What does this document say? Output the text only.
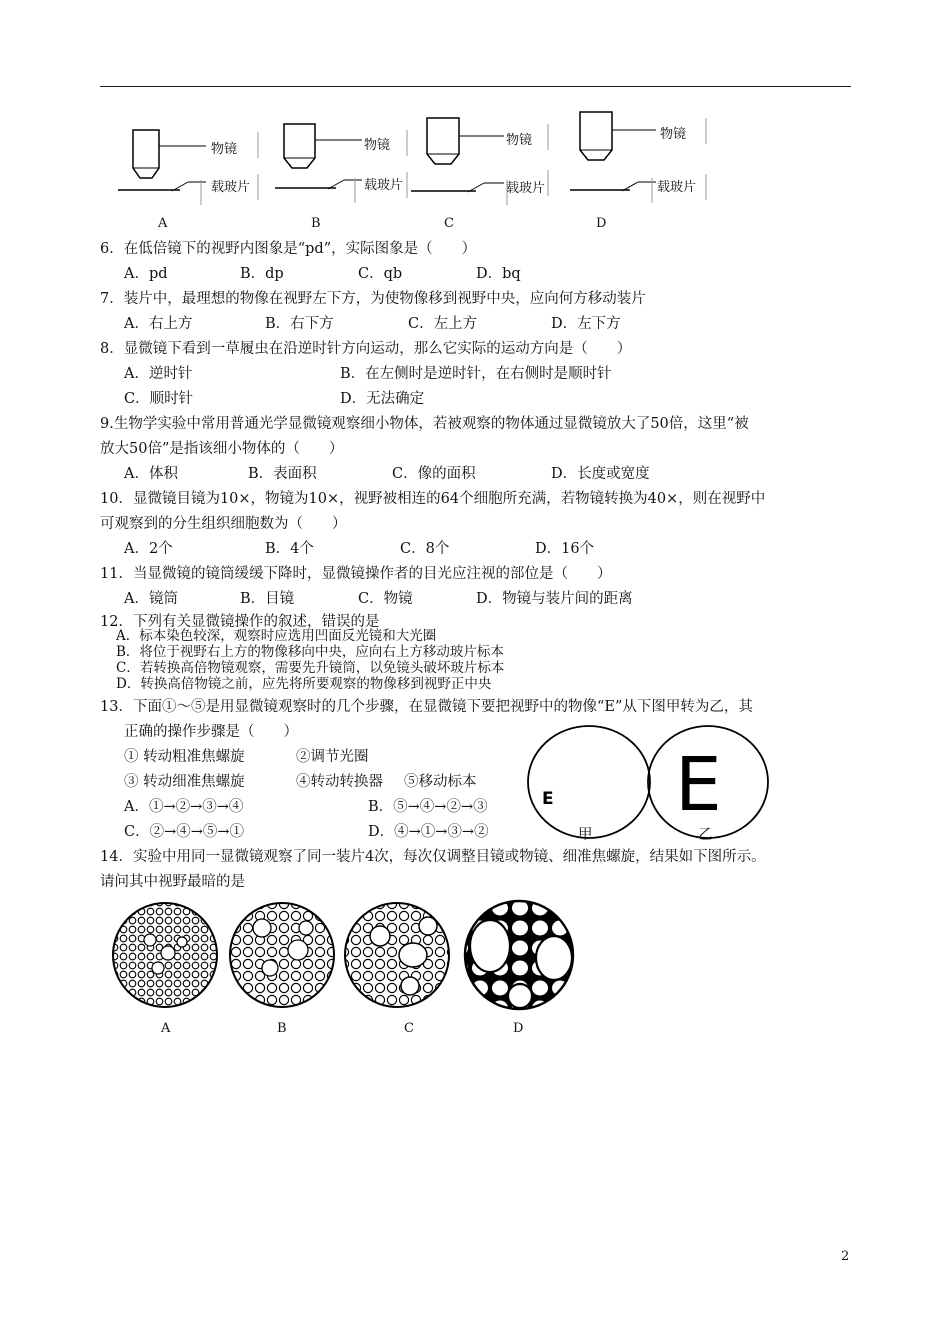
物镜	物镜	物镜	物镜
载玻片	载玻片	载玻片	载玻片
A	B	C	D
6．在低倍镜下的视野内图象是“pd”，实际图象是（　　）
A．pd	B．dp	C．qb	D．bq
7．装片中，最理想的物像在视野左下方，为使物像移到视野中央，应向何方移动装片
A．右上方	B．右下方	C．左上方	D．左下方
8．显微镜下看到一草履虫在沿逆时针方向运动，那么它实际的运动方向是（　　）
A．逆时针	B．在左侧时是逆时针，在右侧时是顺时针
C．顺时针	D．无法确定
9.生物学实验中常用普通光学显微镜观察细小物体，若被观察的物体通过显微镜放大了50倍，这里“被
放大50倍”是指该细小物体的（　　）
A．体积	B．表面积	C．像的面积	D．长度或宽度
10．显微镜目镜为10×，物镜为10×，视野被相连的64个细胞所充满，若物镜转换为40×，则在视野中
可观察到的分生组织细胞数为（　　）
A．2个	B．4个	C．8个	D．16个
11．当显微镜的镜筒缓缓下降时，显微镜操作者的目光应注视的部位是（　　）
A．镜筒	B．目镜	C．物镜	D．物镜与装片间的距离
12．下列有关显微镜操作的叙述，错误的是
A．标本染色较深，观察时应选用凹面反光镜和大光圈
B．将位于视野右上方的物像移向中央，应向右上方移动玻片标本
C．若转换高倍物镜观察，需要先升镜筒，以免镜头破坏玻片标本
D．转换高倍物镜之前，应先将所要观察的物像移到视野正中央
13．下面①～⑤是用显微镜观察时的几个步骤，在显微镜下要把视野中的物像“E”从下图甲转为乙，其
正确的操作步骤是（　　）
① 转动粗准焦螺旋	②调节光圈
③ 转动细准焦螺旋	④转动转换器 ⑤移动标本
A．①→②→③→④	B．⑤→④→②→③
C．②→④→⑤→①	D．④→①→③→②
E E
甲	乙
14．实验中用同一显微镜观察了同一装片4次，每次仅调整目镜或物镜、细准焦螺旋，结果如下图所示。
请问其中视野最暗的是
A	B	C	D
2
